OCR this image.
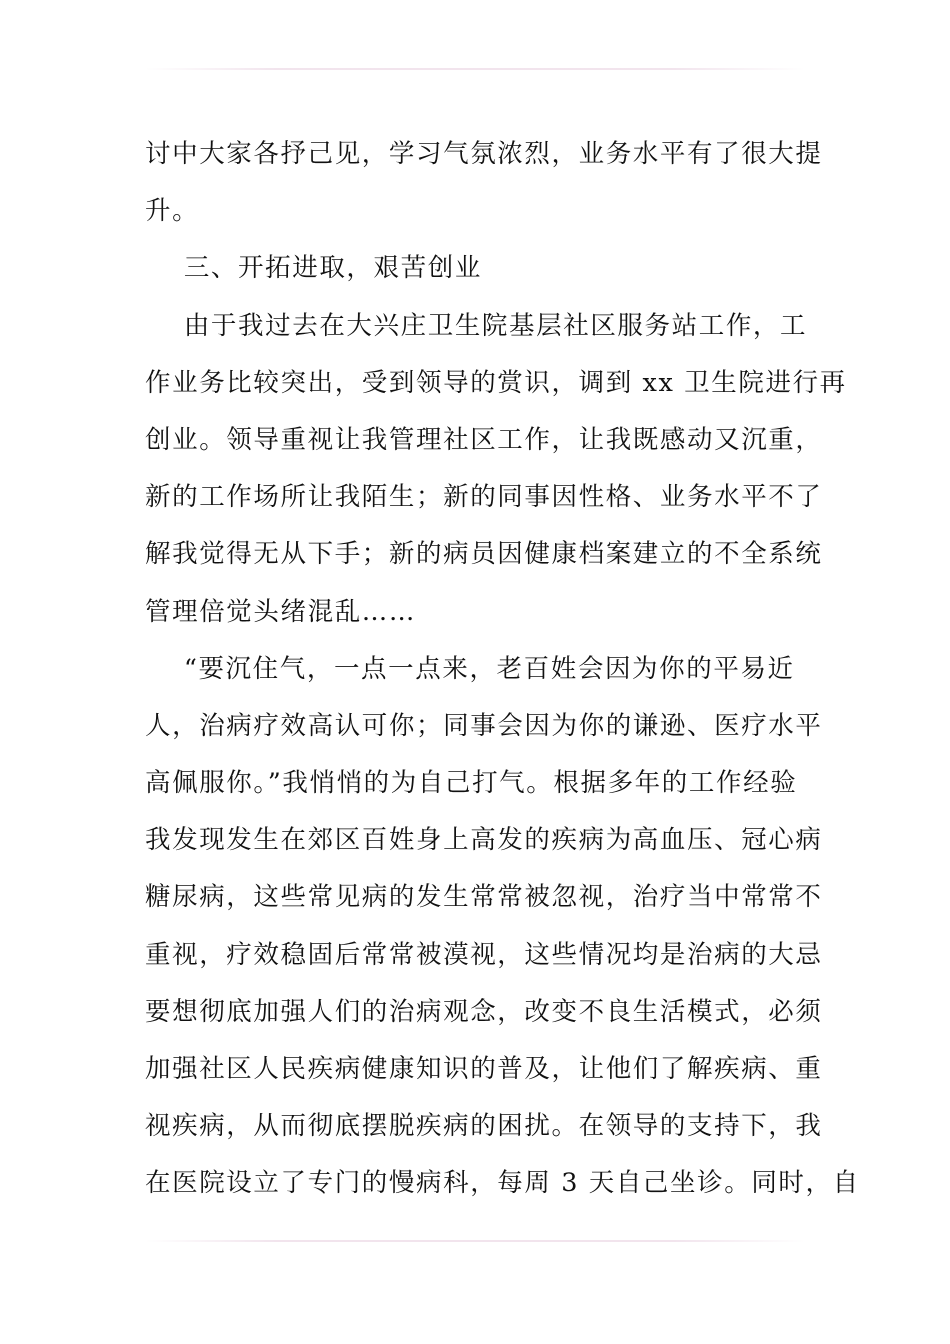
讨中大家各抒己见，学习气氛浓烈，业务水平有了很大提
升。
三、开拓进取，艰苦创业
由于我过去在大兴庄卫生院基层社区服务站工作，工
作业务比较突出，受到领导的赏识，调到 xx 卫生院进行再
创业。领导重视让我管理社区工作，让我既感动又沉重，
新的工作场所让我陌生；新的同事因性格、业务水平不了
解我觉得无从下手；新的病员因健康档案建立的不全系统
管理倍觉头绪混乱……
“要沉住气，一点一点来，老百姓会因为你的平易近
人，治病疗效高认可你；同事会因为你的谦逊、医疗水平
高佩服你。”我悄悄的为自己打气。根据多年的工作经验
我发现发生在郊区百姓身上高发的疾病为高血压、冠心病
糖尿病，这些常见病的发生常常被忽视，治疗当中常常不
重视，疗效稳固后常常被漠视，这些情况均是治病的大忌
要想彻底加强人们的治病观念，改变不良生活模式，必须
加强社区人民疾病健康知识的普及，让他们了解疾病、重
视疾病，从而彻底摆脱疾病的困扰。在领导的支持下，我
在医院设立了专门的慢病科，每周 3 天自己坐诊。同时，自
